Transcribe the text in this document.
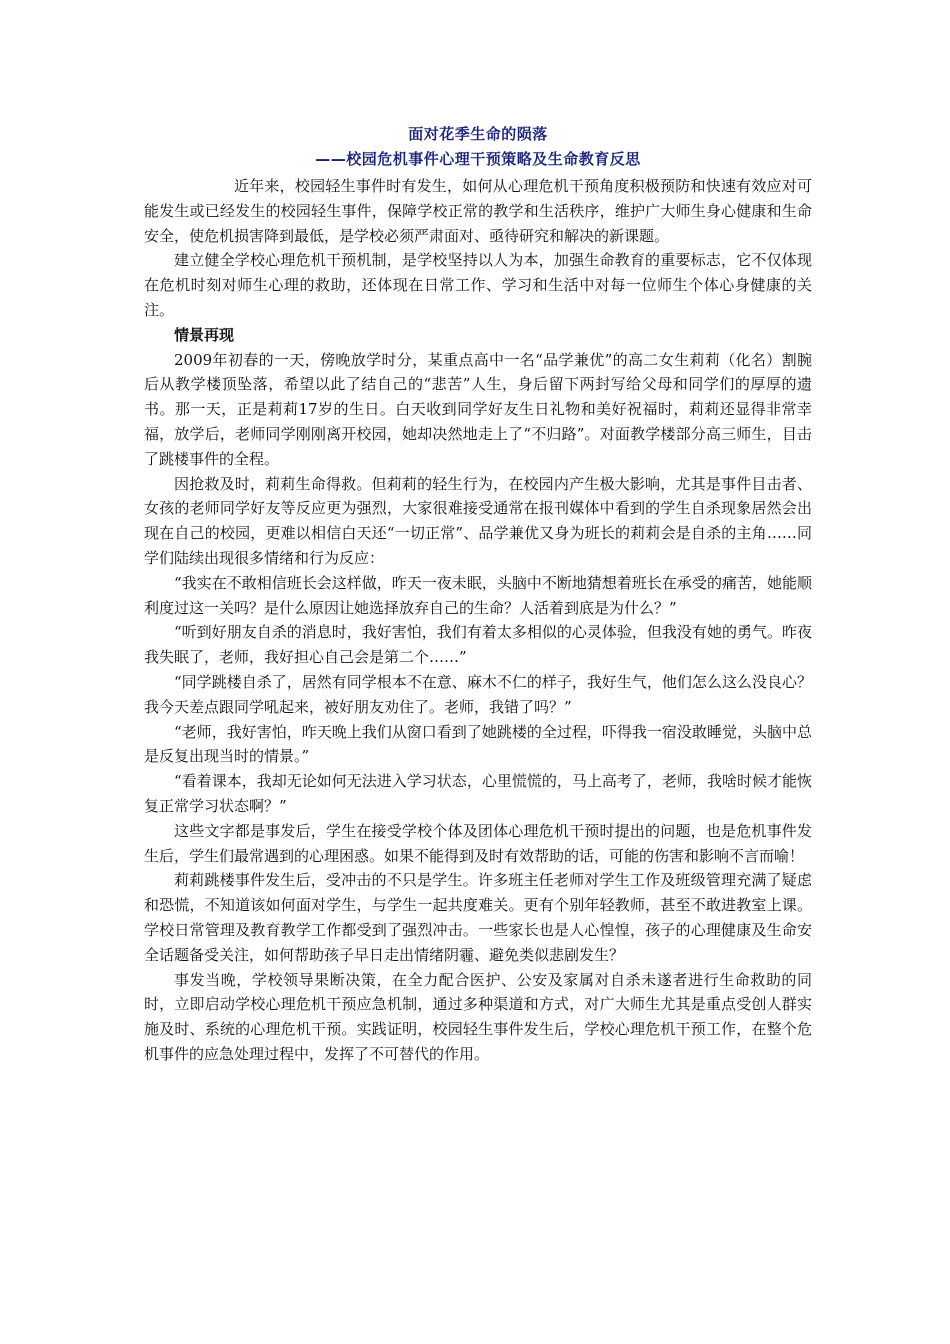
面对花季生命的陨落
——校园危机事件心理干预策略及生命教育反思

近年来，校园轻生事件时有发生，如何从心理危机干预角度积极预防和快速有效应对可能发生或已经发生的校园轻生事件，保障学校正常的教学和生活秩序，维护广大师生身心健康和生命安全，使危机损害降到最低，是学校必须严肃面对、亟待研究和解决的新课题。

建立健全学校心理危机干预机制，是学校坚持以人为本，加强生命教育的重要标志，它不仅体现在危机时刻对师生心理的救助，还体现在日常工作、学习和生活中对每一位师生个体心身健康的关注。

情景再现

2009年初春的一天，傍晚放学时分，某重点高中一名“品学兼优”的高二女生莉莉（化名）割腕后从教学楼顶坠落，希望以此了结自己的“悲苦”人生，身后留下两封写给父母和同学们的厚厚的遗书。那一天，正是莉莉17岁的生日。白天收到同学好友生日礼物和美好祝福时，莉莉还显得非常幸福，放学后，老师同学刚刚离开校园，她却决然地走上了“不归路”。对面教学楼部分高三师生，目击了跳楼事件的全程。

因抢救及时，莉莉生命得救。但莉莉的轻生行为，在校园内产生极大影响，尤其是事件目击者、女孩的老师同学好友等反应更为强烈，大家很难接受通常在报刊媒体中看到的学生自杀现象居然会出现在自己的校园，更难以相信白天还“一切正常”、品学兼优又身为班长的莉莉会是自杀的主角……同学们陆续出现很多情绪和行为反应：

“我实在不敢相信班长会这样做，昨天一夜未眠，头脑中不断地猜想着班长在承受的痛苦，她能顺利度过这一关吗？是什么原因让她选择放弃自己的生命？人活着到底是为什么？”

“听到好朋友自杀的消息时，我好害怕，我们有着太多相似的心灵体验，但我没有她的勇气。昨夜我失眠了，老师，我好担心自己会是第二个……”

“同学跳楼自杀了，居然有同学根本不在意、麻木不仁的样子，我好生气，他们怎么这么没良心？我今天差点跟同学吼起来，被好朋友劝住了。老师，我错了吗？”

“老师，我好害怕，昨天晚上我们从窗口看到了她跳楼的全过程，吓得我一宿没敢睡觉，头脑中总是反复出现当时的情景。”

“看着课本，我却无论如何无法进入学习状态，心里慌慌的，马上高考了，老师，我啥时候才能恢复正常学习状态啊？”

这些文字都是事发后，学生在接受学校个体及团体心理危机干预时提出的问题，也是危机事件发生后，学生们最常遇到的心理困惑。如果不能得到及时有效帮助的话，可能的伤害和影响不言而喻！

莉莉跳楼事件发生后，受冲击的不只是学生。许多班主任老师对学生工作及班级管理充满了疑虑和恐慌，不知道该如何面对学生，与学生一起共度难关。更有个别年轻教师，甚至不敢进教室上课。学校日常管理及教育教学工作都受到了强烈冲击。一些家长也是人心惶惶，孩子的心理健康及生命安全话题备受关注，如何帮助孩子早日走出情绪阴霾、避免类似悲剧发生？

事发当晚，学校领导果断决策，在全力配合医护、公安及家属对自杀未遂者进行生命救助的同时，立即启动学校心理危机干预应急机制，通过多种渠道和方式，对广大师生尤其是重点受创人群实施及时、系统的心理危机干预。实践证明，校园轻生事件发生后，学校心理危机干预工作，在整个危机事件的应急处理过程中，发挥了不可替代的作用。
